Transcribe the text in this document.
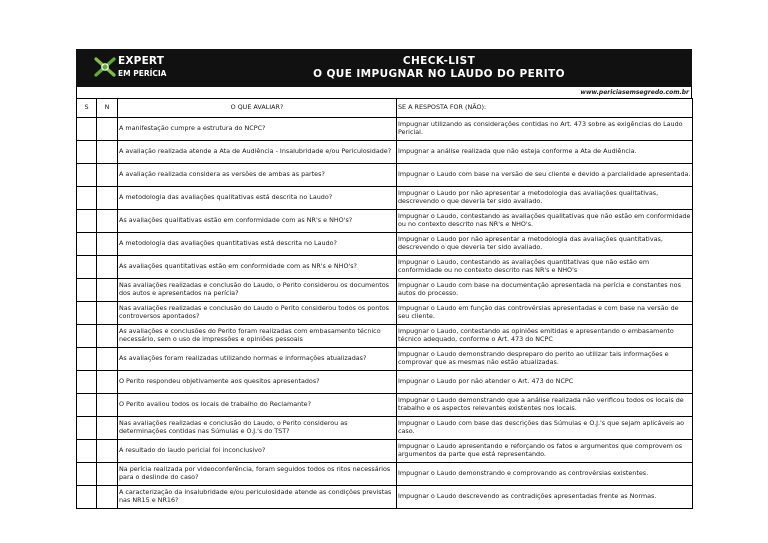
EXPERT
EM PERÍCIA
CHECK-LIST
O QUE IMPUGNAR NO LAUDO DO PERITO
www.periciasemsegredo.com.br
S	N	O QUE AVALIAR?	SE A RESPOSTA FOR (NÃO):
		A manifestação cumpre a estrutura do NCPC?	Impugnar utilizando as considerações contidas no Art. 473 sobre as exigências do Laudo Pericial.
		A avaliação realizada atende a Ata de Audiência - Insalubridade e/ou Periculosidade?	Impugnar a análise realizada que não esteja conforme a Ata de Audiência.
		A avaliação realizada considera as versões de ambas as partes?	Impugnar o Laudo com base na versão de seu cliente e devido a parcialidade apresentada.
		A metodologia das avaliações qualitativas está descrita no Laudo?	Impugnar o Laudo por não apresentar a metodologia das avaliações qualitativas, descrevendo o que deveria ter sido avaliado.
		As avaliações qualitativas estão em conformidade com as NR's e NHO's?	Impugnar o Laudo, contestando as avaliações qualitativas que não estão em conformidade ou no contexto descrito nas NR's e NHO's.
		A metodologia das avaliações quantitativas está descrita no Laudo?	Impugnar o Laudo por não apresentar a metodologia das avaliações quantitativas, descrevendo o que deveria ter sido avaliado.
		As avaliações quantitativas estão em conformidade com as NR's e NHO's?	Impugnar o Laudo, contestando as avaliações quantitativas que não estão em conformidade ou no contexto descrito nas NR's e NHO's
		Nas avaliações realizadas e conclusão do Laudo, o Perito considerou os documentos dos autos e apresentados na perícia?	Impugnar o Laudo com base na documentação apresentada na perícia e constantes nos autos do processo.
		Nas avaliações realizadas e conclusão do Laudo o Perito considerou todos os pontos controversos apontados?	Impugnar o Laudo em função das controvérsias apresentadas e com base na versão de seu cliente.
		As avaliações e conclusões do Perito foram realizadas com embasamento técnico necessário, sem o uso de impressões e opiniões pessoais	Impugnar o Laudo, contestando as opiniões emitidas e apresentando o embasamento técnico adequado, conforme o Art. 473 do NCPC
		As avaliações foram realizadas utilizando normas e informações atualizadas?	Impugnar o Laudo demonstrando despreparo do perito ao utilizar tais informações e comprovar que as mesmas não estão atualizadas.
		O Perito respondeu objetivamente aos quesitos apresentados?	Impugnar o Laudo por não atender o Art. 473 do NCPC
		O Perito avaliou todos os locais de trabalho do Reclamante?	Impugnar o Laudo demonstrando que a análise realizada não verificou todos os locais de trabalho e os aspectos relevantes existentes nos locais.
		Nas avaliações realizadas e conclusão do Laudo, o Perito considerou as determinações contidas nas Súmulas e O.J.'s do TST?	Impugnar o Laudo com base das descrições das Súmulas e O.J.'s que sejam aplicáveis ao caso.
		A resultado do laudo pericial foi inconclusivo?	Impugnar o Laudo apresentando e reforçando os fatos e argumentos que comprovem os argumentos da parte que está representando.
		Na perícia realizada por videoconferência, foram seguidos todos os ritos necessários para o deslinde do caso?	Impugnar o Laudo demonstrando e comprovando as controvérsias existentes.
		A caracterização da insalubridade e/ou periculosidade atende as condições previstas nas NR15 e NR16?	Impugnar o Laudo descrevendo as contradições apresentadas frente as Normas.
